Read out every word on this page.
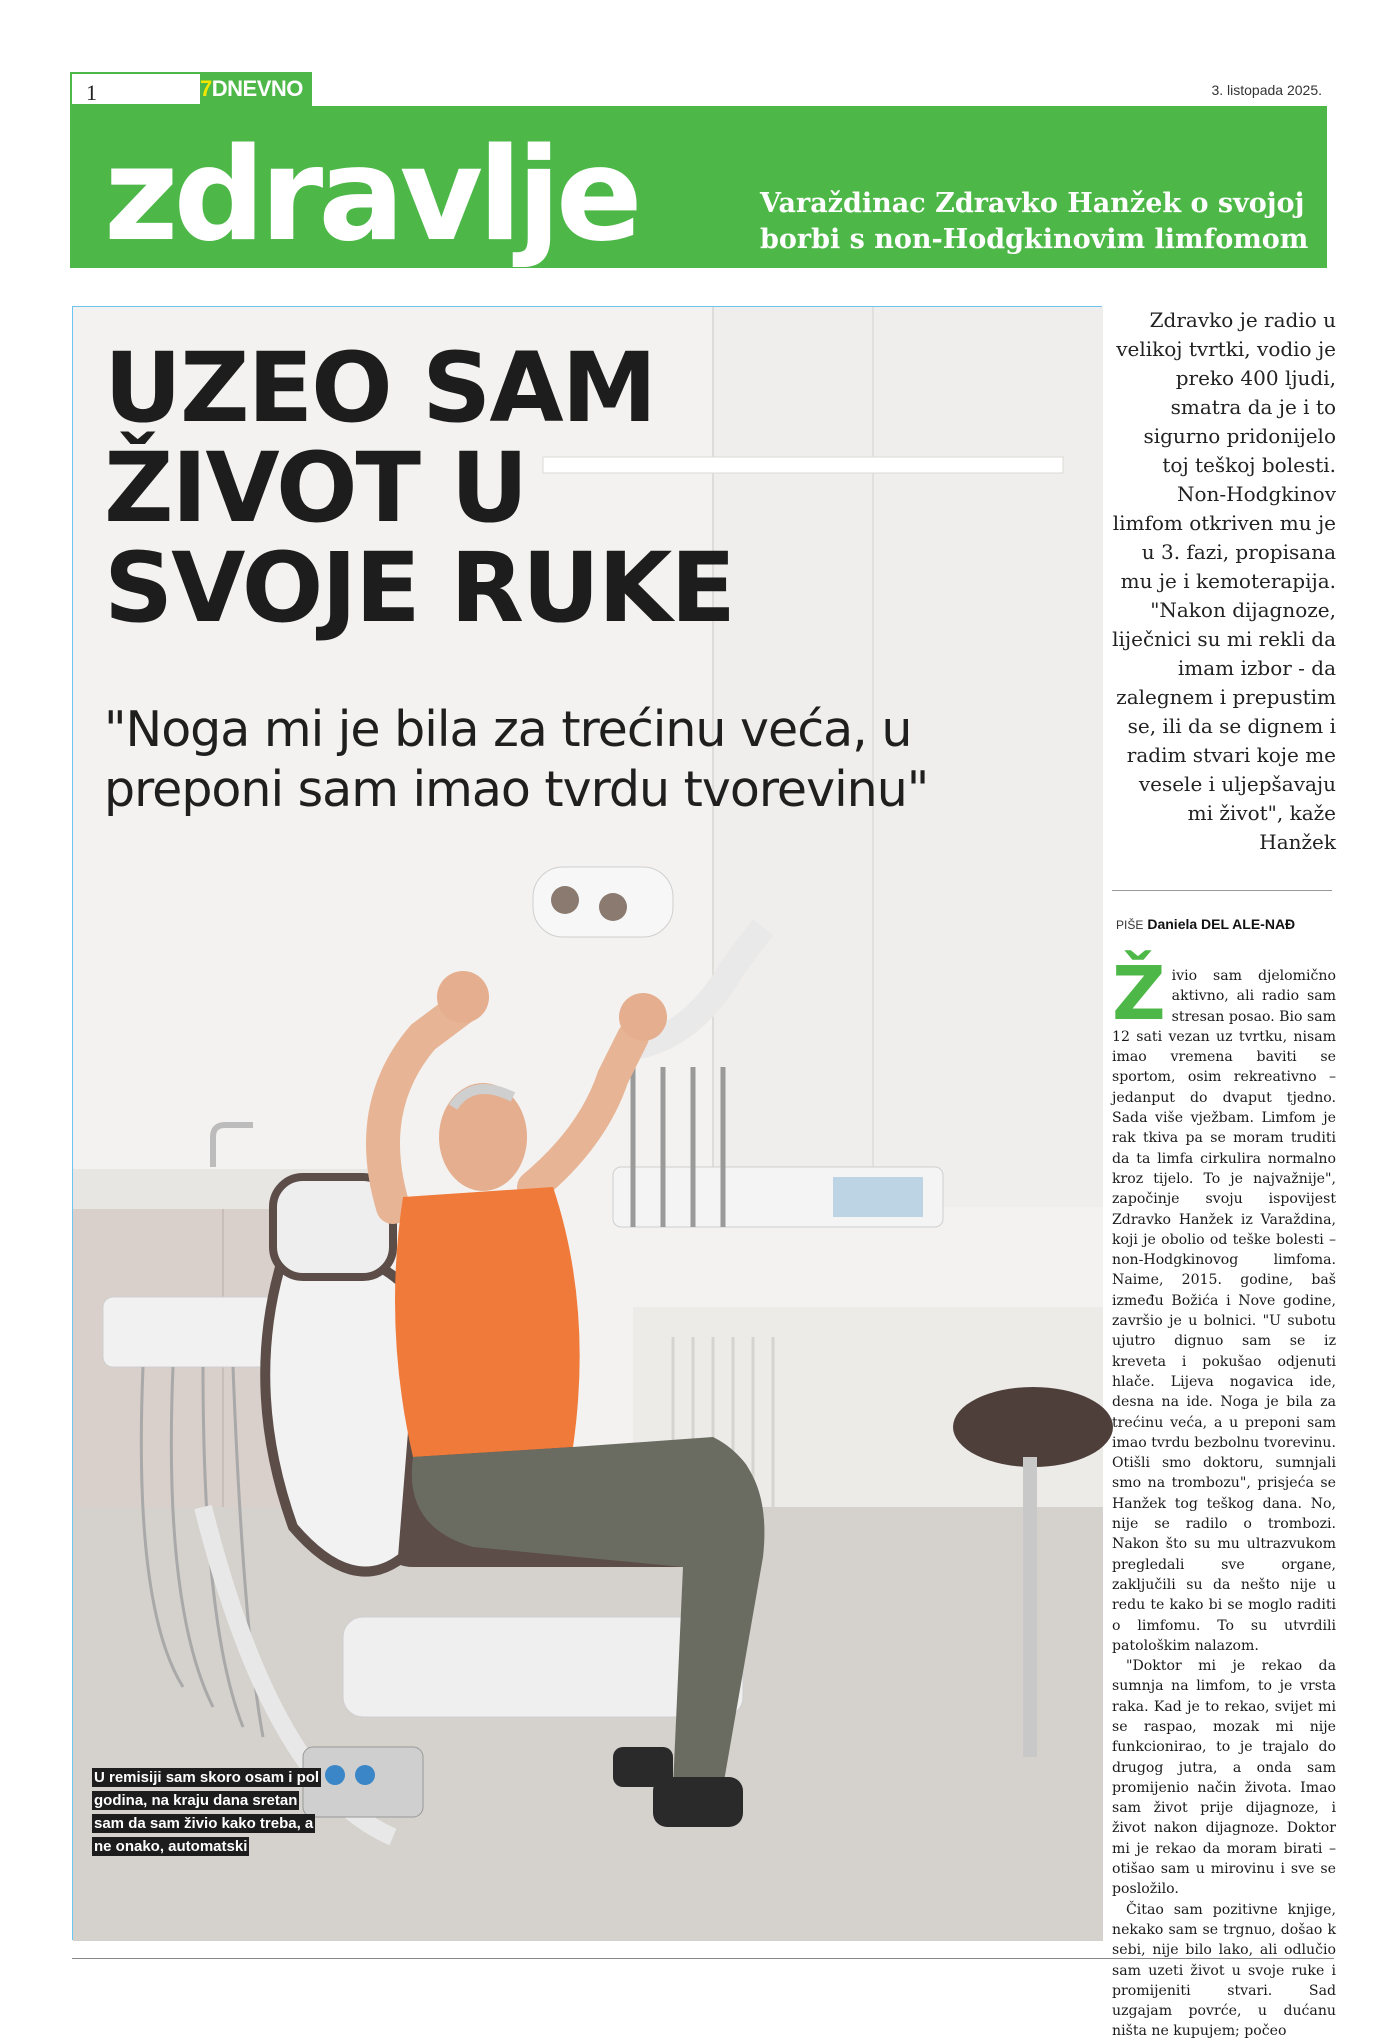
1	7DNEVNO	3. listopada 2025.
zdravlje	Varaždinac Zdravko Hanžek o svojoj borbi s non-Hodgkinovim limfomom
UZEO SAM
ŽIVOT U
SVOJE RUKE
"Noga mi je bila za trećinu veća, u preponi sam imao tvrdu tvorevinu"
U remisiji sam skoro osam i pol godina, na kraju dana sretan sam da sam živio kako treba, a ne onako, automatski
Zdravko je radio u velikoj tvrtki, vodio je preko 400 ljudi, smatra da je i to sigurno pridonijelo toj teškoj bolesti. Non-Hodgkinov limfom otkriven mu je u 3. fazi, propisana mu je i kemoterapija. "Nakon dijagnoze, liječnici su mi rekli da imam izbor - da zalegnem i prepustim se, ili da se dignem i radim stvari koje me vesele i uljepšavaju mi život", kaže Hanžek
PIŠE Daniela DEL ALE-NAĐ

Živio sam djelomično aktivno, ali radio sam stresan posao. Bio sam 12 sati vezan uz tvrtku, nisam imao vremena baviti se sportom, osim rekreativno – jedanput do dvaput tjedno. Sada više vježbam. Limfom je rak tkiva pa se moram truditi da ta limfa cirkulira normalno kroz tijelo. To je najvažnije", započinje svoju ispovijest Zdravko Hanžek iz Varaždina, koji je obolio od teške bolesti – non-Hodgkinovog limfoma. Naime, 2015. godine, baš između Božića i Nove godine, završio je u bolnici. "U subotu ujutro dignuo sam se iz kreveta i pokušao odjenuti hlače. Lijeva nogavica ide, desna na ide. Noga je bila za trećinu veća, a u preponi sam imao tvrdu bezbolnu tvorevinu. Otišli smo doktoru, sumnjali smo na trombozu", prisjeća se Hanžek tog teškog dana. No, nije se radilo o trombozi. Nakon što su mu ultrazvukom pregledali sve organe, zaključili su da nešto nije u redu te kako bi se moglo raditi o limfomu. To su utvrdili patološkim nalazom.

"Doktor mi je rekao da sumnja na limfom, to je vrsta raka. Kad je to rekao, svijet mi se raspao, mozak mi nije funkcionirao, to je trajalo do drugog jutra, a onda sam promijenio način života. Imao sam život prije dijagnoze, i život nakon dijagnoze. Doktor mi je rekao da moram birati – otišao sam u mirovinu i sve se posložilo.

Čitao sam pozitivne knjige, nekako sam se trgnuo, došao k sebi, nije bilo lako, ali odlučio sam uzeti život u svoje ruke i promijeniti stvari. Sad uzgajam povrće, u dućanu ništa ne kupujem; počeo
